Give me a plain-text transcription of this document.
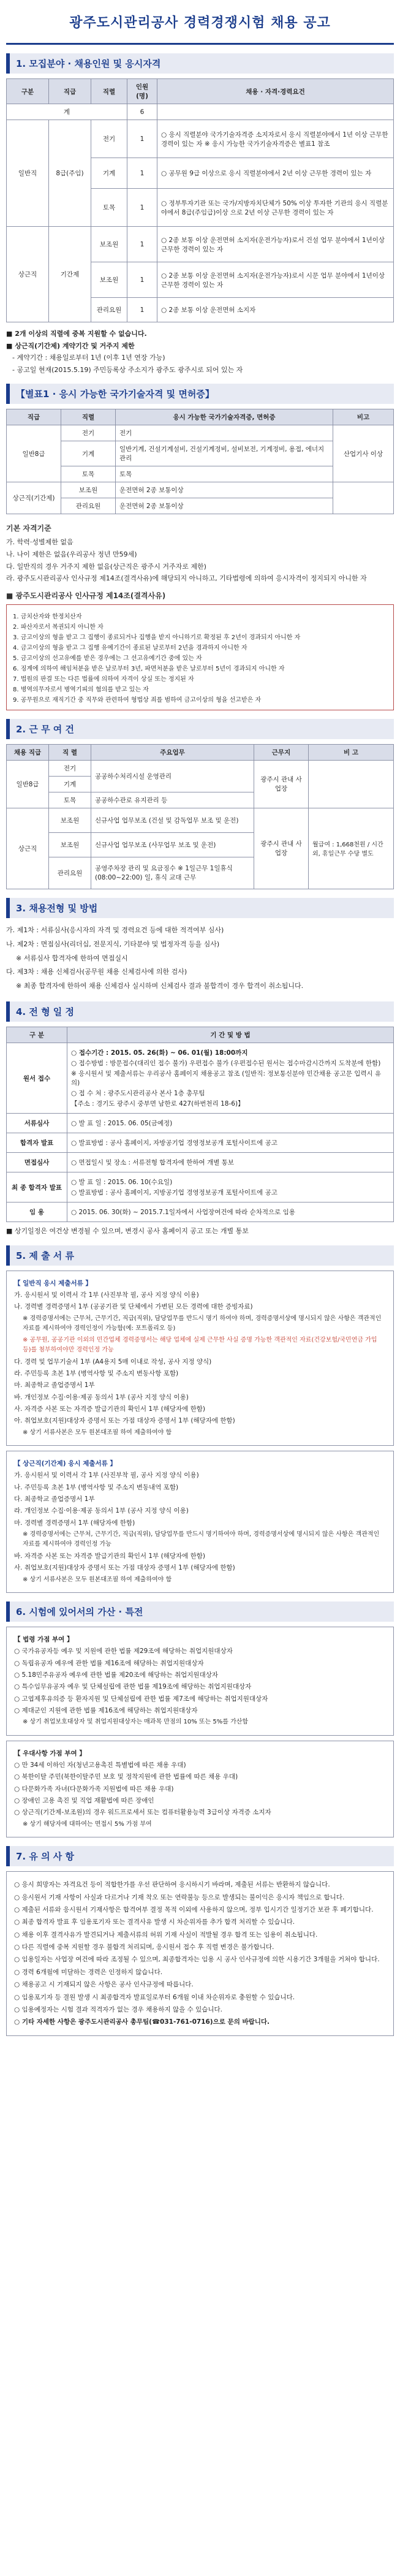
광주도시관리공사 경력경쟁시험 채용 공고
1. 모집분야 · 채용인원 및 응시자격
구분	직급	직렬	인원(명)	채용 · 자격·경력요건
계			6	
일반직	8급(주임)	전기	1	○ 응시 직렬분야 국가기술자격증 소지자로서 응시 직렬분야에서 1년 이상 근무한 경력이 있는 자 ※ 응시 가능한 국가기술자격증은 별표1 참조
		기계	1	○ 공무원 9급 이상으로 응시 직렬분야에서 2년 이상 근무한 경력이 있는 자
		토목	1	○ 정부투자기관 또는 국가/지방자치단체가 50% 이상 투자한 기관의 응시 직렬분야에서 8급(주임급)이상 으로 2년 이상 근무한 경력이 있는 자
상근직	기간제	보조원	1	○ 2종 보통 이상 운전면허 소지자(운전가능자)로서 건설 업무 분야에서 1년이상 근무한 경력이 있는 자
		보조원	1	○ 2종 보통 이상 운전면허 소지자(운전가능자)로서 시문 업무 분야에서 1년이상 근무한 경력이 있는 자
		관리요원	1	○ 2종 보통 이상 운전면허 소지자
■ 2개 이상의 직렬에 중복 지원할 수 없습니다.
■ 상근직(기간제) 계약기간 및 거주지 제한
- 계약기간 : 채용일로부터 1년 (이후 1년 연장 가능)
- 공고일 현재(2015.5.19) 주민등록상 주소지가 광주도 광주시로 되어 있는 자
【별표1 · 응시 가능한 국가기술자격 및 면허증】
직급	직렬	응시 가능한 국가기술자격증, 면허증	비고
일반8급	전기	전기	산업기사 이상
	기계	일반기계, 건설기계설비, 건설기계정비, 설비보전, 기계정비, 용접, 에너지관리	
	토목	토목	
상근직(기간제)	보조원	운전면허 2종 보통이상	
	관리요원	운전면허 2종 보통이상	
기본 자격기준
가. 학력·성별제한 없음
나. 나이 제한은 없음(우리공사 정년 만59세)
다. 일반직의 경우 거주지 제한 없음(상근직은 광주시 거주자로 제한)
라. 광주도시관리공사 인사규정 제14조(결격사유)에 해당되지 아니하고, 기타법령에 의하여 응시자격이 정지되지 아니한 자
■ 광주도시관리공사 인사규정 제14조(결격사유)
1. 금치산자와 한정치산자
2. 파산자로서 복권되지 아니한 자
3. 금고이상의 형을 받고 그 집행이 종료되거나 집행을 받지 아니하기로 확정된 후 2년이 경과되지 아니한 자
4. 금고이상의 형을 받고 그 집행 유예기간이 종료된 날로부터 2년을 경과하지 아니한 자
5. 금고이상의 선고유예를 받은 경우에는 그 선고유예기간 중에 있는 자
6. 징계에 의하여 해임처분을 받은 날로부터 3년, 파면처분을 받은 날로부터 5년이 경과되지 아니한 자
7. 법원의 판결 또는 다른 법률에 의하여 자격이 상실 또는 정지된 자
8. 병역의무자로서 병역기피의 혐의를 받고 있는 자
9. 공무원으로 재직기간 중 직무와 관련하여 형법상 죄를 범하여 금고이상의 형을 선고받은 자
2. 근 무 여 건
채용 직급	직 렬	주요업무	근무지	비 고
일반8급	전기	공공하수처리시설 운영관리	광주시 관내 사업장	
	기계			
	토목	공공하수관로 유지관리 등		
상근직	보조원	신규사업 업무보조 (건설 및 감독업무 보조 및 운전)	광주시 관내 사업장	월급여 : 1,668천원 / 시간외, 휴일근무 수당 별도
	보조원	신규사업 업무보조 (사무업무 보조 및 운전)		
	관리요원	공영주차장 관리 및 요금징수 ※ 1일근무 1일휴식(08:00~22:00) 일, 휴식 교대 근무		
3. 채용전형 및 방법
가. 제1차 : 서류심사(응시자의 자격 및 경력요건 등에 대한 적격여부 심사)
나. 제2차 : 면접심사(리더십, 전문지식, 기타분야 및 법정자격 등을 심사)
※ 서류심사 합격자에 한하여 면접실시
다. 제3차 : 채용 신체검사(공무원 채용 신체검사에 의한 검사)
※ 최종 합격자에 한하여 채용 신체검사 실시하며 신체검사 결과 불합격이 경우 합격이 취소됩니다.
4. 전 형 일 정
구 분	기 간 및 방 법
원서 접수	○ 접수기간 : 2015. 05. 26(화) ~ 06. 01(월) 18:00까지
○ 접수방법 : 방문접수(대리인 접수 불가) 우편접수 불가 (우편접수된 원서는 접수마감시간까지 도착분에 한함)
※ 응시원서 및 제출서류는 우리공사 홈페이지 채용공고 참조 (일반직: 정보통신분야 민간채용 공고문 입력시 유의)
○ 접 수 처 : 광주도시관리공사 본사 1층 총무팀
【주소 : 경기도 광주시 중부면 남한로 427(하번천리 18-6)】

서류심사	○ 발 표 일 : 2015. 06. 05(금예정)

합격자 발표	○ 발표방법 : 공사 홈페이지, 자방공기업 경영정보공개 포털사이트에 공고

면접심사	○ 면접일시 및 장소 : 서류전형 합격자에 한하여 개별 통보

최 종 합격자 발표	○ 발 표 일 : 2015. 06. 10(수요일)
○ 발표방법 : 공사 홈페이지, 지방공기업 경영정보공개 포털사이트에 공고

임 용	○ 2015. 06. 30(화) ~ 2015.7.1일자에서 사업장여건에 따라 순차적으로 임용
■ 상기일정은 여건상 변경될 수 있으며, 변경시 공사 홈페이지 공고 또는 개별 통보
5. 제 출 서 류
【 일반직 응시 제출서류 】
가. 응시원서 및 이력서 각 1부 (사진부착 필, 공사 지정 양식 이용)
나. 경력별 경력증명서 1부 (공공기관 및 단체에서 가변된 모든 경력에 대한 증빙자료)
※ 경력증명서에는 근무처, 근무기간, 직급(직위), 담당업무를 반드시 명기 하여야 하며, 경력증명서상에 명시되지 않은 사항은 객관적인 자료를 제시하여야 경력인정이 가능함(예: 포트폴리오 등)
※ 공무원, 공공기관 이외의 민간업체 경력증명서는 해당 업체에 실제 근무한 사실 증명 가능한 객관적인 자료(건강보험/국민연금 가입 등)를 첨부하여야만 경력인정 가능
다. 경력 및 업무기술서 1부 (A4용지 5매 이내로 작성, 공사 지정 양식)
라. 주민등록 초본 1부 (병역사항 및 주소지 변동사항 포함)
마. 최종학교 졸업증명서 1부
바. 개인정보 수집·이용·제공 동의서 1부 (공사 지정 양식 이용)
사. 자격증 사본 또는 자격증 발급기관의 확인서 1부 (해당자에 한함)
아. 취업보호(지원)대상자 증명서 또는 가점 대상자 증명서 1부 (해당자에 한함)
※ 상기 서류사본은 모두 원본대조필 하여 제출하여야 함
【 상근직(기간제) 응시 제출서류 】
가. 응시원서 및 이력서 각 1부 (사진부착 필, 공사 지정 양식 이용)
나. 주민등록 초본 1부 (병역사항 및 주소지 변동내역 포함)
다. 최종학교 졸업증명서 1부
라. 개인정보 수집·이용·제공 동의서 1부 (공사 지정 양식 이용)
마. 경력별 경력증명서 1부 (해당자에 한함)
※ 경력증명서에는 근무처, 근무기간, 직급(직위), 담당업무를 반드시 명기하여야 하며, 경력증명서상에 명시되지 않은 사항은 객관적인 자료를 제시하여야 경력인정 가능
바. 자격증 사본 또는 자격증 발급기관의 확인서 1부 (해당자에 한함)
사. 취업보호(지원)대상자 증명서 또는 가점 대상자 증명서 1부 (해당자에 한함)
※ 상기 서류사본은 모두 원본대조필 하여 제출하여야 함
6. 시험에 있어서의 가산 · 특전
【 법령 가점 부여 】
○ 국가유공자등 예우 및 지원에 관한 법률 제29조에 해당하는 취업지원대상자
○ 독립유공자 예우에 관한 법률 제16조에 해당하는 취업지원대상자
○ 5.18민주유공자 예우에 관한 법률 제20조에 해당하는 취업지원대상자
○ 특수임무유공자 예우 및 단체설립에 관한 법률 제19조에 해당하는 취업지원대상자
○ 고엽제후유의증 등 환자지원 및 단체설립에 관한 법률 제7조에 해당하는 취업지원대상자
○ 제대군인 지원에 관한 법률 제16조에 해당하는 취업지원대상자
※ 상기 취업보호대상자 및 취업지원대상자는 매과목 만점의 10% 또는 5%를 가산함
【 우대사항 가점 부여 】
○ 만 34세 이하인 자(청년고용촉진 특별법에 따른 채용 우대)
○ 북한이탈 주민(북한이탈주민 보호 및 정착지원에 관한 법률에 따른 채용 우대)
○ 다문화가족 자녀(다문화가족 지원법에 따른 채용 우대)
○ 장애인 고용 촉진 및 직업 재활법에 따른 장애인
○ 상근직(기간제-보조원)의 경우 워드프로세서 또는 컴퓨터활용능력 3급이상 자격증 소지자
※ 상기 해당자에 대하여는 면접시 5% 가점 부여
7. 유 의 사 항
○ 응시 희망자는 자격요건 등이 적합한가를 우선 판단하여 응시하시기 바라며, 제출된 서류는 반환하지 않습니다.
○ 응시원서 기재 사항이 사실과 다르거나 기재 착오 또는 연락불능 등으로 발생되는 불이익은 응시자 책임으로 합니다.
○ 제출된 서류와 응시원서 기재사항은 합격여부 결정 목적 이외에 사용하지 않으며, 정부 입시기간 일정기간 보관 후 폐기합니다.
○ 최종 합격자 발표 후 임용포기자 또는 결격사유 발생 시 차순위자를 추가 합격 처리할 수 있습니다.
○ 채용 이후 결격사유가 발견되거나 제출서류의 허위 기재 사실이 적발될 경우 합격 또는 임용이 취소됩니다.
○ 다른 직렬에 중복 지원할 경우 불합격 처리되며, 응시원서 접수 후 직렬 변경은 불가합니다.
○ 임용일자는 사업장 여건에 따라 조정될 수 있으며, 최종합격자는 임용 시 공사 인사규정에 의한 시용기간 3개월을 거쳐야 합니다.
○ 경력 6개월에 미달하는 경력은 인정하지 않습니다.
○ 채용공고 시 기재되지 않은 사항은 공사 인사규정에 따릅니다.
○ 임용포기자 등 결원 발생 시 최종합격자 발표일로부터 6개월 이내 차순위자로 충원할 수 있습니다.
○ 임용예정자는 시험 결과 적격자가 없는 경우 채용하지 않을 수 있습니다.
○ 기타 자세한 사항은 광주도시관리공사 총무팀(☎031-761-0716)으로 문의 바랍니다.
